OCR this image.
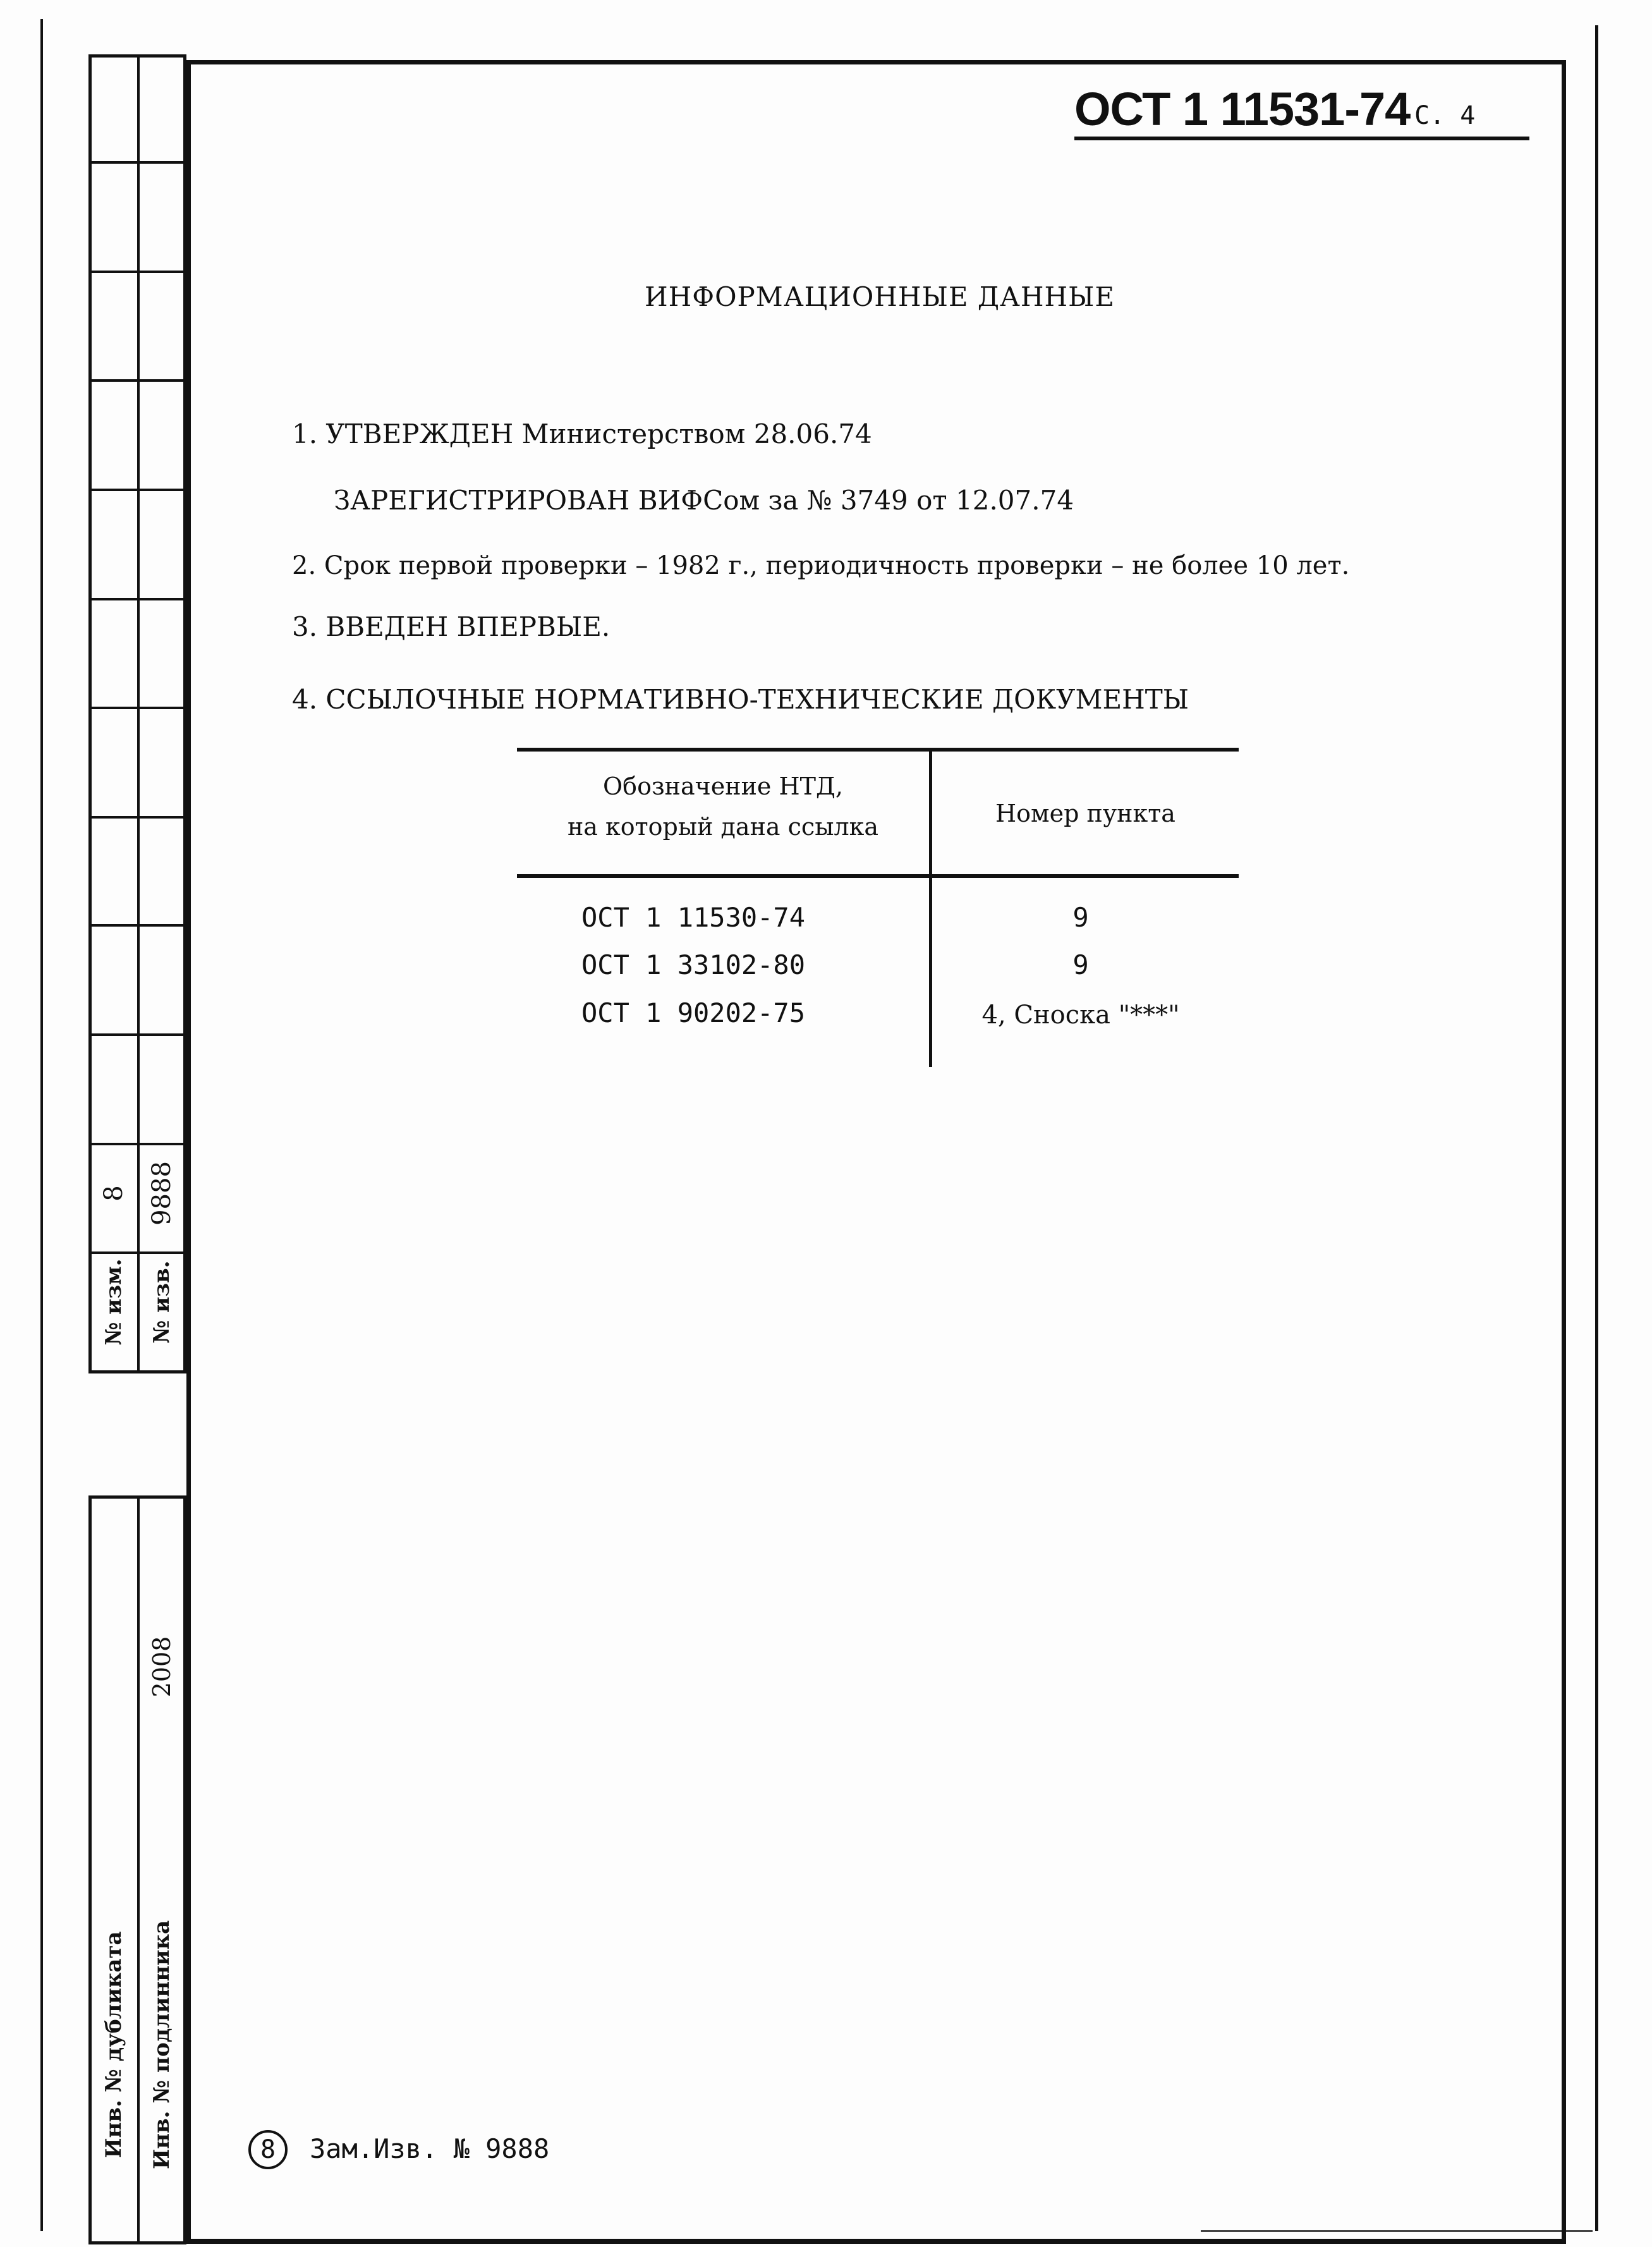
№ изм.
8
№ изв.
9888
Инв. № дубликата Инв. № подлинника
2008
ОСТ 1 11531-74 С. 4
ИНФОРМАЦИОННЫЕ ДАННЫЕ
1. УТВЕРЖДЕН Министерством 28.06.74
ЗАРЕГИСТРИРОВАН ВИФСом за № 3749 от 12.07.74
2. Срок первой проверки – 1982 г., периодичность проверки – не более 10 лет.
3. ВВЕДЕН ВПЕРВЫЕ.
4. ССЫЛОЧНЫЕ НОРМАТИВНО-ТЕХНИЧЕСКИЕ ДОКУМЕНТЫ
Обозначение НТД,
на который дана ссылка	Номер пункта
ОСТ 1 11530-74	9
ОСТ 1 33102-80	9
ОСТ 1 90202-75	4, Сноска "***"
8	Зам.Изв. № 9888
